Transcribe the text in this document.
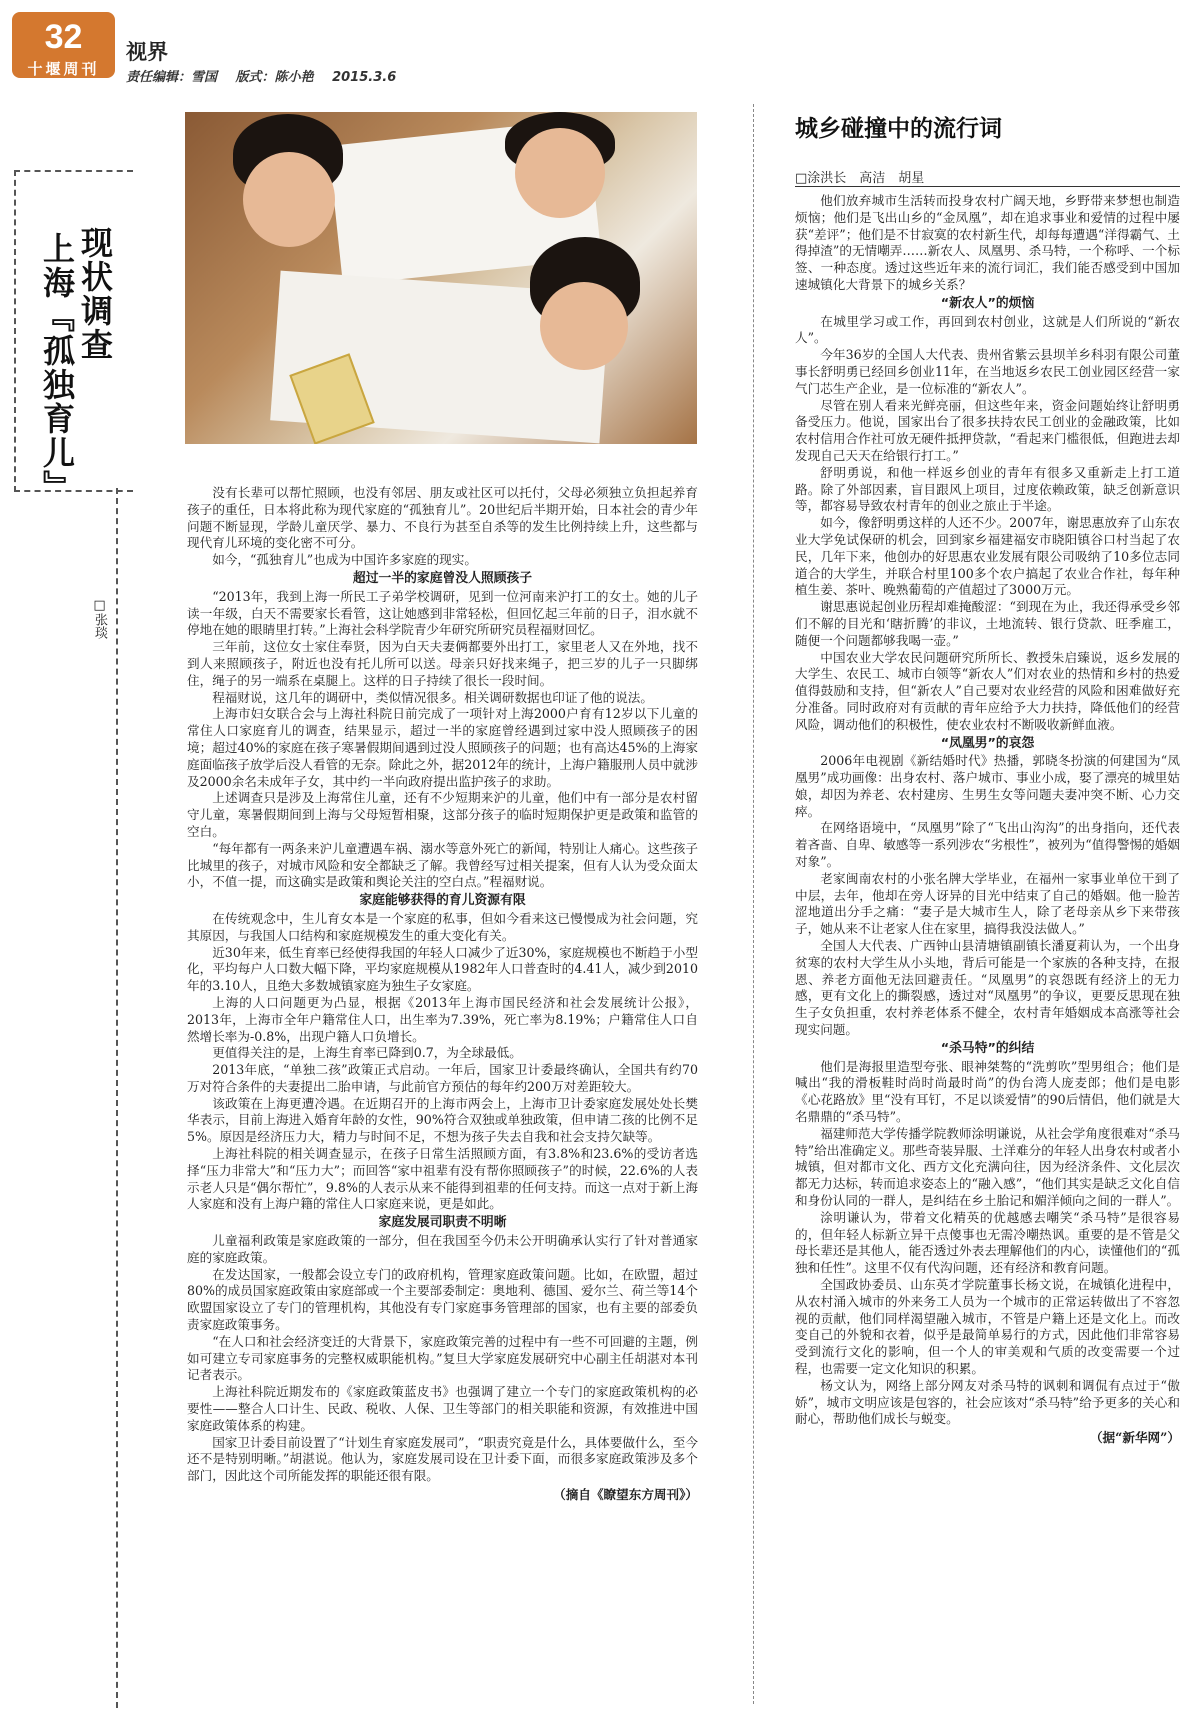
32
十堰周刊
视界
责任编辑：雪国 版式：陈小艳 2015.3.6
现状调查
上海『孤独育儿』
□张琰

没有长辈可以帮忙照顾，也没有邻居、朋友或社区可以托付，父母必须独立负担起养育孩子的重任，日本将此称为现代家庭的“孤独育儿”。20世纪后半期开始，日本社会的青少年问题不断显现，学龄儿童厌学、暴力、不良行为甚至自杀等的发生比例持续上升，这些都与现代育儿环境的变化密不可分。

如今，“孤独育儿”也成为中国许多家庭的现实。

超过一半的家庭曾没人照顾孩子

“2013年，我到上海一所民工子弟学校调研，见到一位河南来沪打工的女士。她的儿子读一年级，白天不需要家长看管，这让她感到非常轻松，但回忆起三年前的日子，泪水就不停地在她的眼睛里打转。”上海社会科学院青少年研究所研究员程福财回忆。

三年前，这位女士家住奉贤，因为白天夫妻俩都要外出打工，家里老人又在外地，找不到人来照顾孩子，附近也没有托儿所可以送。母亲只好找来绳子，把三岁的儿子一只脚绑住，绳子的另一端系在桌腿上。这样的日子持续了很长一段时间。

程福财说，这几年的调研中，类似情况很多。相关调研数据也印证了他的说法。

上海市妇女联合会与上海社科院日前完成了一项针对上海2000户育有12岁以下儿童的常住人口家庭育儿的调查，结果显示，超过一半的家庭曾经遇到过家中没人照顾孩子的困境；超过40%的家庭在孩子寒暑假期间遇到过没人照顾孩子的问题；也有高达45%的上海家庭面临孩子放学后没人看管的无奈。除此之外，据2012年的统计，上海户籍服刑人员中就涉及2000余名未成年子女，其中约一半向政府提出监护孩子的求助。

上述调查只是涉及上海常住儿童，还有不少短期来沪的儿童，他们中有一部分是农村留守儿童，寒暑假期间到上海与父母短暂相聚，这部分孩子的临时短期保护更是政策和监管的空白。

“每年都有一两条来沪儿童遭遇车祸、溺水等意外死亡的新闻，特别让人痛心。这些孩子比城里的孩子，对城市风险和安全都缺乏了解。我曾经写过相关提案，但有人认为受众面太小，不值一提，而这确实是政策和舆论关注的空白点。”程福财说。

家庭能够获得的育儿资源有限

在传统观念中，生儿育女本是一个家庭的私事，但如今看来这已慢慢成为社会问题，究其原因，与我国人口结构和家庭规模发生的重大变化有关。

近30年来，低生育率已经使得我国的年轻人口减少了近30%，家庭规模也不断趋于小型化，平均每户人口数大幅下降，平均家庭规模从1982年人口普查时的4.41人，减少到2010年的3.10人，且绝大多数城镇家庭为独生子女家庭。

上海的人口问题更为凸显，根据《2013年上海市国民经济和社会发展统计公报》，2013年，上海市全年户籍常住人口，出生率为7.39%，死亡率为8.19%；户籍常住人口自然增长率为-0.8%，出现户籍人口负增长。

更值得关注的是，上海生育率已降到0.7，为全球最低。

2013年底，“单独二孩”政策正式启动。一年后，国家卫计委最终确认，全国共有约70万对符合条件的夫妻提出二胎申请，与此前官方预估的每年约200万对差距较大。

该政策在上海更遭冷遇。在近期召开的上海市两会上，上海市卫计委家庭发展处处长樊华表示，目前上海进入婚育年龄的女性，90%符合双独或单独政策，但申请二孩的比例不足5%。原因是经济压力大，精力与时间不足，不想为孩子失去自我和社会支持欠缺等。

上海社科院的相关调查显示，在孩子日常生活照顾方面，有3.8%和23.6%的受访者选择“压力非常大”和“压力大”；而回答“家中祖辈有没有帮你照顾孩子”的时候，22.6%的人表示老人只是“偶尔帮忙”，9.8%的人表示从来不能得到祖辈的任何支持。而这一点对于新上海人家庭和没有上海户籍的常住人口家庭来说，更是如此。

家庭发展司职责不明晰

儿童福利政策是家庭政策的一部分，但在我国至今仍未公开明确承认实行了针对普通家庭的家庭政策。

在发达国家，一般都会设立专门的政府机构，管理家庭政策问题。比如，在欧盟，超过80%的成员国家庭政策由家庭部或一个主要部委制定：奥地利、德国、爱尔兰、荷兰等14个欧盟国家设立了专门的管理机构，其他没有专门家庭事务管理部的国家，也有主要的部委负责家庭政策事务。

“在人口和社会经济变迁的大背景下，家庭政策完善的过程中有一些不可回避的主题，例如可建立专司家庭事务的完整权威职能机构。”复旦大学家庭发展研究中心副主任胡湛对本刊记者表示。

上海社科院近期发布的《家庭政策蓝皮书》也强调了建立一个专门的家庭政策机构的必要性——整合人口计生、民政、税收、人保、卫生等部门的相关职能和资源，有效推进中国家庭政策体系的构建。

国家卫计委目前设置了“计划生育家庭发展司”，“职责究竟是什么，具体要做什么，至今还不是特别明晰。”胡湛说。他认为，家庭发展司设在卫计委下面，而很多家庭政策涉及多个部门，因此这个司所能发挥的职能还很有限。

（摘自《瞭望东方周刊》）

城乡碰撞中的流行词
□涂洪长　高洁　胡星

他们放弃城市生活转而投身农村广阔天地，乡野带来梦想也制造烦恼；他们是飞出山乡的“金凤凰”，却在追求事业和爱情的过程中屡获“差评”；他们是不甘寂寞的农村新生代，却每每遭遇“洋得霸气、土得掉渣”的无情嘲弄……新农人、凤凰男、杀马特，一个称呼、一个标签、一种态度。透过这些近年来的流行词汇，我们能否感受到中国加速城镇化大背景下的城乡关系？

“新农人”的烦恼

在城里学习或工作，再回到农村创业，这就是人们所说的“新农人”。

今年36岁的全国人大代表、贵州省紫云县坝羊乡科羽有限公司董事长舒明勇已经回乡创业11年，在当地返乡农民工创业园区经营一家气门芯生产企业，是一位标准的“新农人”。

尽管在别人看来光鲜亮丽，但这些年来，资金问题始终让舒明勇备受压力。他说，国家出台了很多扶持农民工创业的金融政策，比如农村信用合作社可放无硬件抵押贷款，“看起来门槛很低，但跑进去却发现自己天天在给银行打工。”

舒明勇说，和他一样返乡创业的青年有很多又重新走上打工道路。除了外部因素，盲目跟风上项目，过度依赖政策，缺乏创新意识等，都容易导致农村青年的创业之旅止于半途。

如今，像舒明勇这样的人还不少。2007年，谢思惠放弃了山东农业大学免试保研的机会，回到家乡福建福安市晓阳镇谷口村当起了农民，几年下来，他创办的好思惠农业发展有限公司吸纳了10多位志同道合的大学生，并联合村里100多个农户搞起了农业合作社，每年种植生姜、茶叶、晚熟葡萄的产值超过了3000万元。

谢思惠说起创业历程却难掩酸涩：“到现在为止，我还得承受乡邻们不解的目光和‘瞎折腾’的非议，土地流转、银行贷款、旺季雇工，随便一个问题都够我喝一壶。”

中国农业大学农民问题研究所所长、教授朱启臻说，返乡发展的大学生、农民工、城市白领等“新农人”们对农业的热情和乡村的热爱值得鼓励和支持，但“新农人”自己要对农业经营的风险和困难做好充分准备。同时政府对有贡献的青年应给予大力扶持，降低他们的经营风险，调动他们的积极性，使农业农村不断吸收新鲜血液。

“凤凰男”的哀怨

2006年电视剧《新结婚时代》热播，郭晓冬扮演的何建国为“凤凰男”成功画像：出身农村、落户城市、事业小成，娶了漂亮的城里姑娘，却因为养老、农村建房、生男生女等问题夫妻冲突不断、心力交瘁。

在网络语境中，“凤凰男”除了“飞出山沟沟”的出身指向，还代表着吝啬、自卑、敏感等一系列涉农“劣根性”，被列为“值得警惕的婚姻对象”。

老家闽南农村的小张名牌大学毕业，在福州一家事业单位干到了中层，去年，他却在旁人讶异的目光中结束了自己的婚姻。他一脸苦涩地道出分手之痛：“妻子是大城市生人，除了老母亲从乡下来带孩子，她从来不让老家人住在家里，搞得我没法做人。”

全国人大代表、广西钟山县清塘镇副镇长潘夏莉认为，一个出身贫寒的农村大学生从小头地，背后可能是一个家族的各种支持，在报恩、养老方面他无法回避责任。“凤凰男”的哀怨既有经济上的无力感，更有文化上的撕裂感，透过对“凤凰男”的争议，更要反思现在独生子女负担重，农村养老体系不健全，农村青年婚姻成本高涨等社会现实问题。

“杀马特”的纠结

他们是海报里造型夸张、眼神桀骜的“洗剪吹”型男组合；他们是喊出“我的滑板鞋时尚时尚最时尚”的伪台湾人庞麦郎；他们是电影《心花路放》里“没有耳钉，不足以谈爱情”的90后情侣，他们就是大名鼎鼎的“杀马特”。

福建师范大学传播学院教师涂明谦说，从社会学角度很难对“杀马特”给出准确定义。那些奇装异服、土洋难分的年轻人出身农村或者小城镇，但对都市文化、西方文化充满向往，因为经济条件、文化层次都无力达标，转而追求姿态上的“融入感”，“他们其实是缺乏文化自信和身份认同的一群人，是纠结在乡土胎记和媚洋倾向之间的一群人”。

涂明谦认为，带着文化精英的优越感去嘲笑“杀马特”是很容易的，但年轻人标新立异干点傻事也无需冷嘲热讽。重要的是不管是父母长辈还是其他人，能否透过外表去理解他们的内心，读懂他们的“孤独和任性”。这里不仅有代沟问题，还有经济和教育问题。

全国政协委员、山东英才学院董事长杨文说，在城镇化进程中，从农村涌入城市的外来务工人员为一个城市的正常运转做出了不容忽视的贡献，他们同样渴望融入城市，不管是户籍上还是文化上。而改变自己的外貌和衣着，似乎是最简单易行的方式，因此他们非常容易受到流行文化的影响，但一个人的审美观和气质的改变需要一个过程，也需要一定文化知识的积累。

杨文认为，网络上部分网友对杀马特的讽刺和调侃有点过于“傲娇”，城市文明应该是包容的，社会应该对“杀马特”给予更多的关心和耐心，帮助他们成长与蜕变。

（据“新华网”）
